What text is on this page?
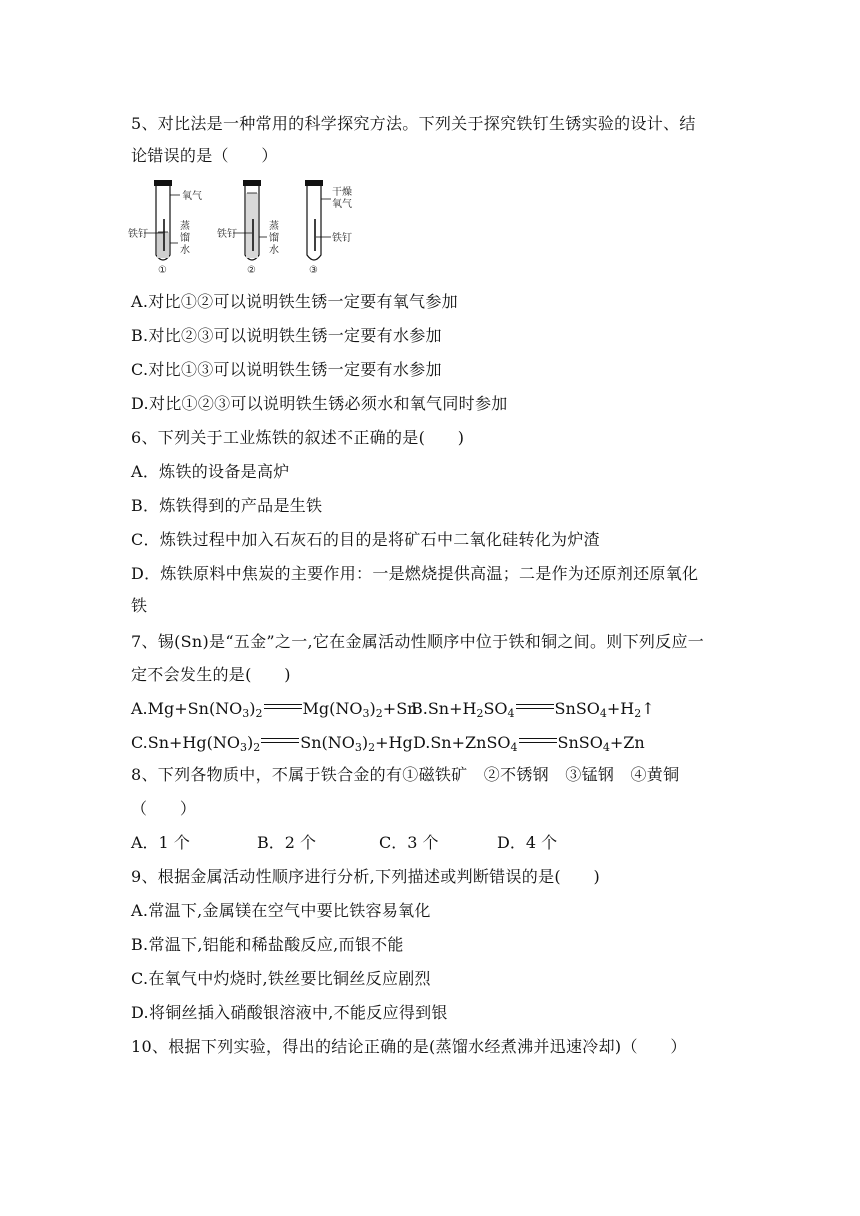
5、对比法是一种常用的科学探究方法。下列关于探究铁钉生锈实验的设计、结
论错误的是（　　）
氧气
铁钉
蒸
馏
水
①
铁钉
蒸
馏
水
②
干燥
氧气
铁钉
③
A.对比①②可以说明铁生锈一定要有氧气参加
B.对比②③可以说明铁生锈一定要有水参加
C.对比①③可以说明铁生锈一定要有水参加
D.对比①②③可以说明铁生锈必须水和氧气同时参加
6、下列关于工业炼铁的叙述不正确的是(　　)
A．炼铁的设备是高炉
B．炼铁得到的产品是生铁
C．炼铁过程中加入石灰石的目的是将矿石中二氧化硅转化为炉渣
D．炼铁原料中焦炭的主要作用：一是燃烧提供高温；二是作为还原剂还原氧化
铁
7、锡(Sn)是“五金”之一,它在金属活动性顺序中位于铁和铜之间。则下列反应一
定不会发生的是(　　)
$A.Mg+Sn(NO_3)_2$	$Mg(NO_3)_2+Sn$
$B.Sn+H_2SO_4$	$SnSO_4+H_2↑$
$C.Sn+Hg(NO_3)_2$	$Sn(NO_3)_2+Hg$ D.Sn+ZnSO$_4$	SnSO$_4$+Zn
8、下列各物质中，不属于铁合金的有①磁铁矿　②不锈钢　③锰钢　④黄铜
（　　）
A．1 个	B．2 个	C．3 个	D．4 个
9、根据金属活动性顺序进行分析,下列描述或判断错误的是(　　)
A.常温下,金属镁在空气中要比铁容易氧化
B.常温下,铝能和稀盐酸反应,而银不能
C.在氧气中灼烧时,铁丝要比铜丝反应剧烈
D.将铜丝插入硝酸银溶液中,不能反应得到银
10、根据下列实验，得出的结论正确的是(蒸馏水经煮沸并迅速冷却)（　　）
